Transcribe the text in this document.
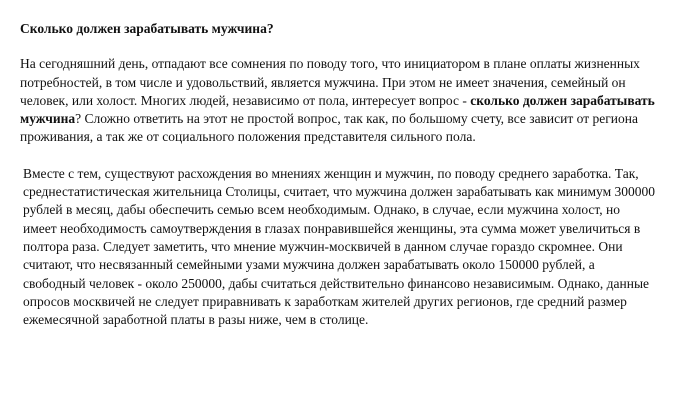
Сколько должен зарабатывать мужчина?

На сегодняшний день, отпадают все сомнения по поводу того, что инициатором в плане оплаты жизненных потребностей, в том числе и удовольствий, является мужчина. При этом не имеет значения, семейный он человек, или холост. Многих людей, независимо от пола, интересует вопрос - сколько должен зарабатывать мужчина? Сложно ответить на этот не простой вопрос, так как, по большому счету, все зависит от региона проживания, а так же от социального положения представителя сильного пола.

Вместе с тем, существуют расхождения во мнениях женщин и мужчин, по поводу среднего заработка. Так, среднестатистическая жительница Столицы, считает, что мужчина должен зарабатывать как минимум 300000 рублей в месяц, дабы обеспечить семью всем необходимым. Однако, в случае, если мужчина холост, но имеет необходимость самоутверждения в глазах понравившейся женщины, эта сумма может увеличиться в полтора раза. Следует заметить, что мнение мужчин-москвичей в данном случае гораздо скромнее. Они считают, что несвязанный семейными узами мужчина должен зарабатывать около 150000 рублей, а свободный человек - около 250000, дабы считаться действительно финансово независимым. Однако, данные опросов москвичей не следует приравнивать к заработкам жителей других регионов, где средний размер ежемесячной заработной платы в разы ниже, чем в столице.
